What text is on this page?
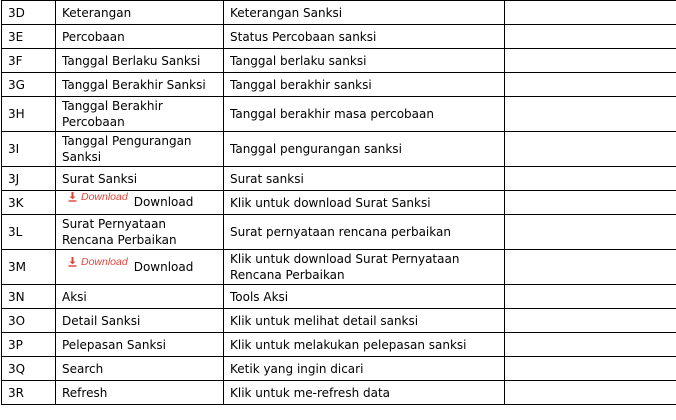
3D	Keterangan	Keterangan Sanksi	
3E	Percobaan	Status Percobaan sanksi	
3F	Tanggal Berlaku Sanksi	Tanggal berlaku sanksi	
3G	Tanggal Berakhir Sanksi	Tanggal berakhir sanksi	
3H	Tanggal Berakhir Percobaan	Tanggal berakhir masa percobaan	
3I	Tanggal Pengurangan Sanksi	Tanggal pengurangan sanksi	
3J	Surat Sanksi	Surat sanksi	
3K	Download Download	Klik untuk download Surat Sanksi	
3L	Surat Pernyataan Rencana Perbaikan	Surat pernyataan rencana perbaikan	
3M	Download Download	Klik untuk download Surat Pernyataan Rencana Perbaikan	
3N	Aksi	Tools Aksi	
3O	Detail Sanksi	Klik untuk melihat detail sanksi	
3P	Pelepasan Sanksi	Klik untuk melakukan pelepasan sanksi	
3Q	Search	Ketik yang ingin dicari	
3R	Refresh	Klik untuk me-refresh data	
